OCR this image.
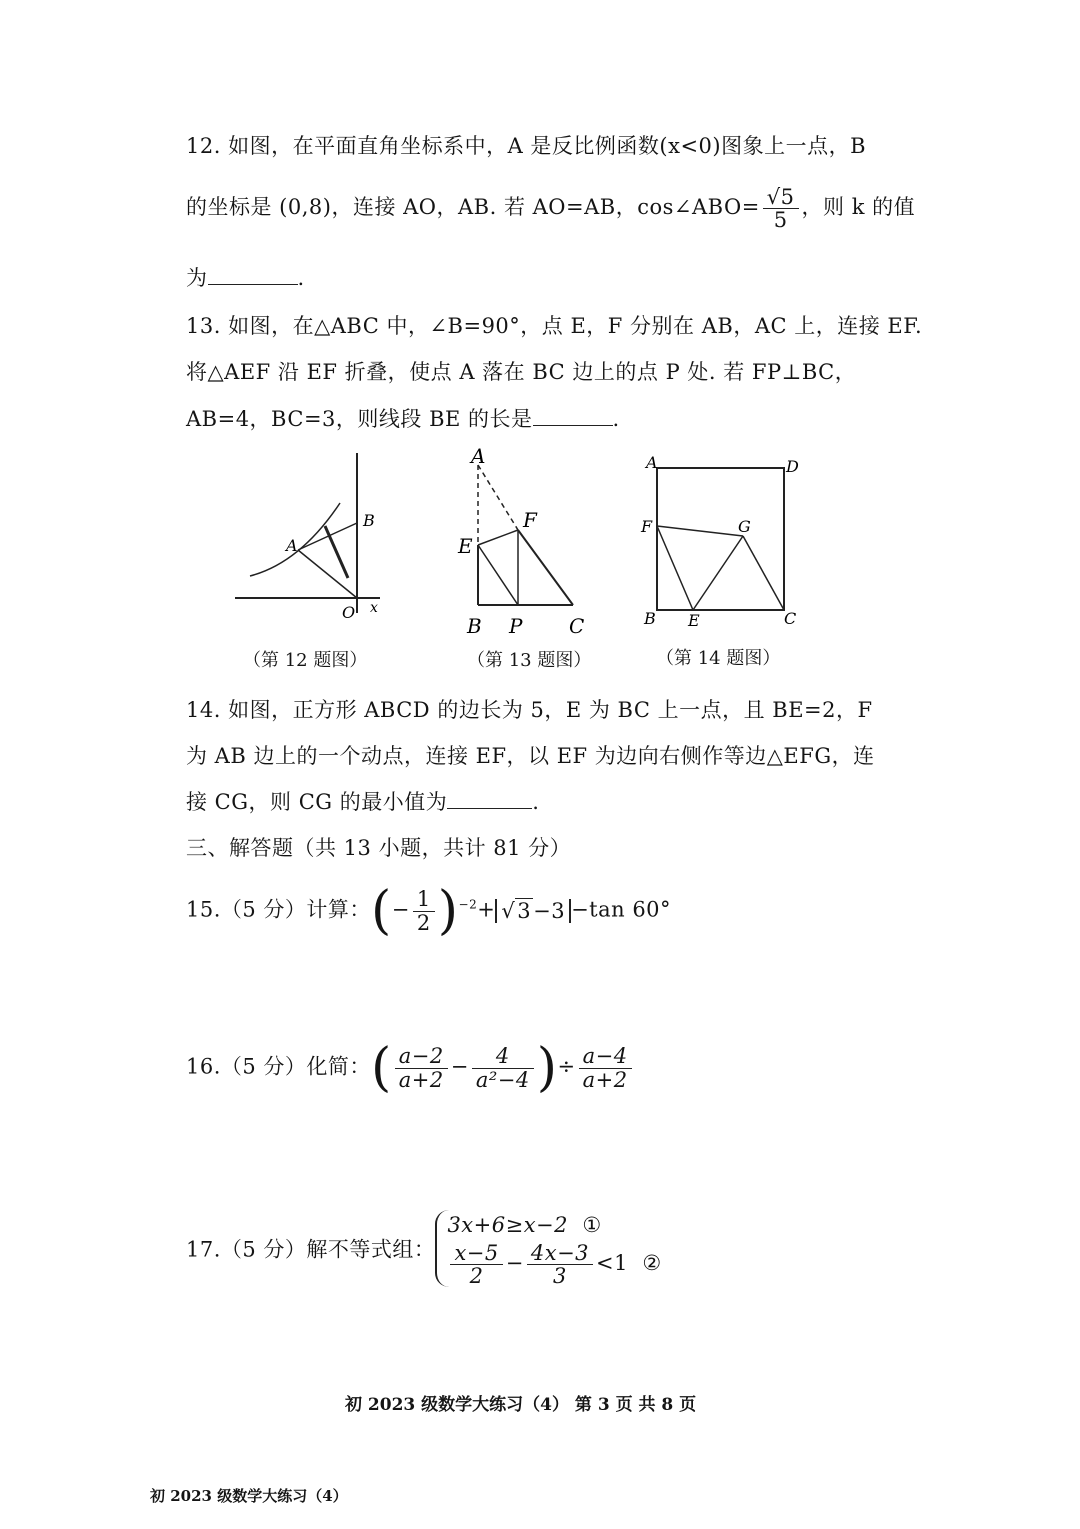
12. 如图，在平面直角坐标系中，A 是反比例函数(x<0)图象上一点，B
的坐标是 (0,8)，连接 AO，AB. 若 AO=AB，cos∠ABO= $\frac{√5}{5}$ ，则 k 的值
为	.
13. 如图，在△ABC 中，∠B=90°，点 E，F 分别在 AB，AC 上，连接 EF.
将△AEF 沿 EF 折叠，使点 A 落在 BC 边上的点 P 处. 若 FP⊥BC，
AB=4，BC=3，则线段 BE 的长是	.
A
B
O x
（第 12 题图）
A
E
F
B P C
（第 13 题图）
A	D
F	G
B E	C
（第 14 题图）
14. 如图，正方形 ABCD 的边长为 5，E 为 BC 上一点，且 BE=2，F
为 AB 边上的一个动点，连接 EF，以 EF 为边向右侧作等边△EFG，连
接 CG，则 CG 的最小值为	.
三、解答题（共 13 小题，共计 81 分）
15.（5 分）计算：(− $\frac{1}{2} )^{-2}+ √3-3 -\tan$ 60°
16.（5 分）化简：( $\frac{a-2}{a+2} - \frac{4}{\text{a²−4}}$ )÷ $\frac{a-4}{a+2}$
17.（5 分）解不等式组：
3x+6≥x−2 ①
$\frac{x-5}{2} - \frac{4x-3}{3} <1$ ②
初 2023 级数学大练习（4） 第 3 页 共 8 页
初 2023 级数学大练习（4）
